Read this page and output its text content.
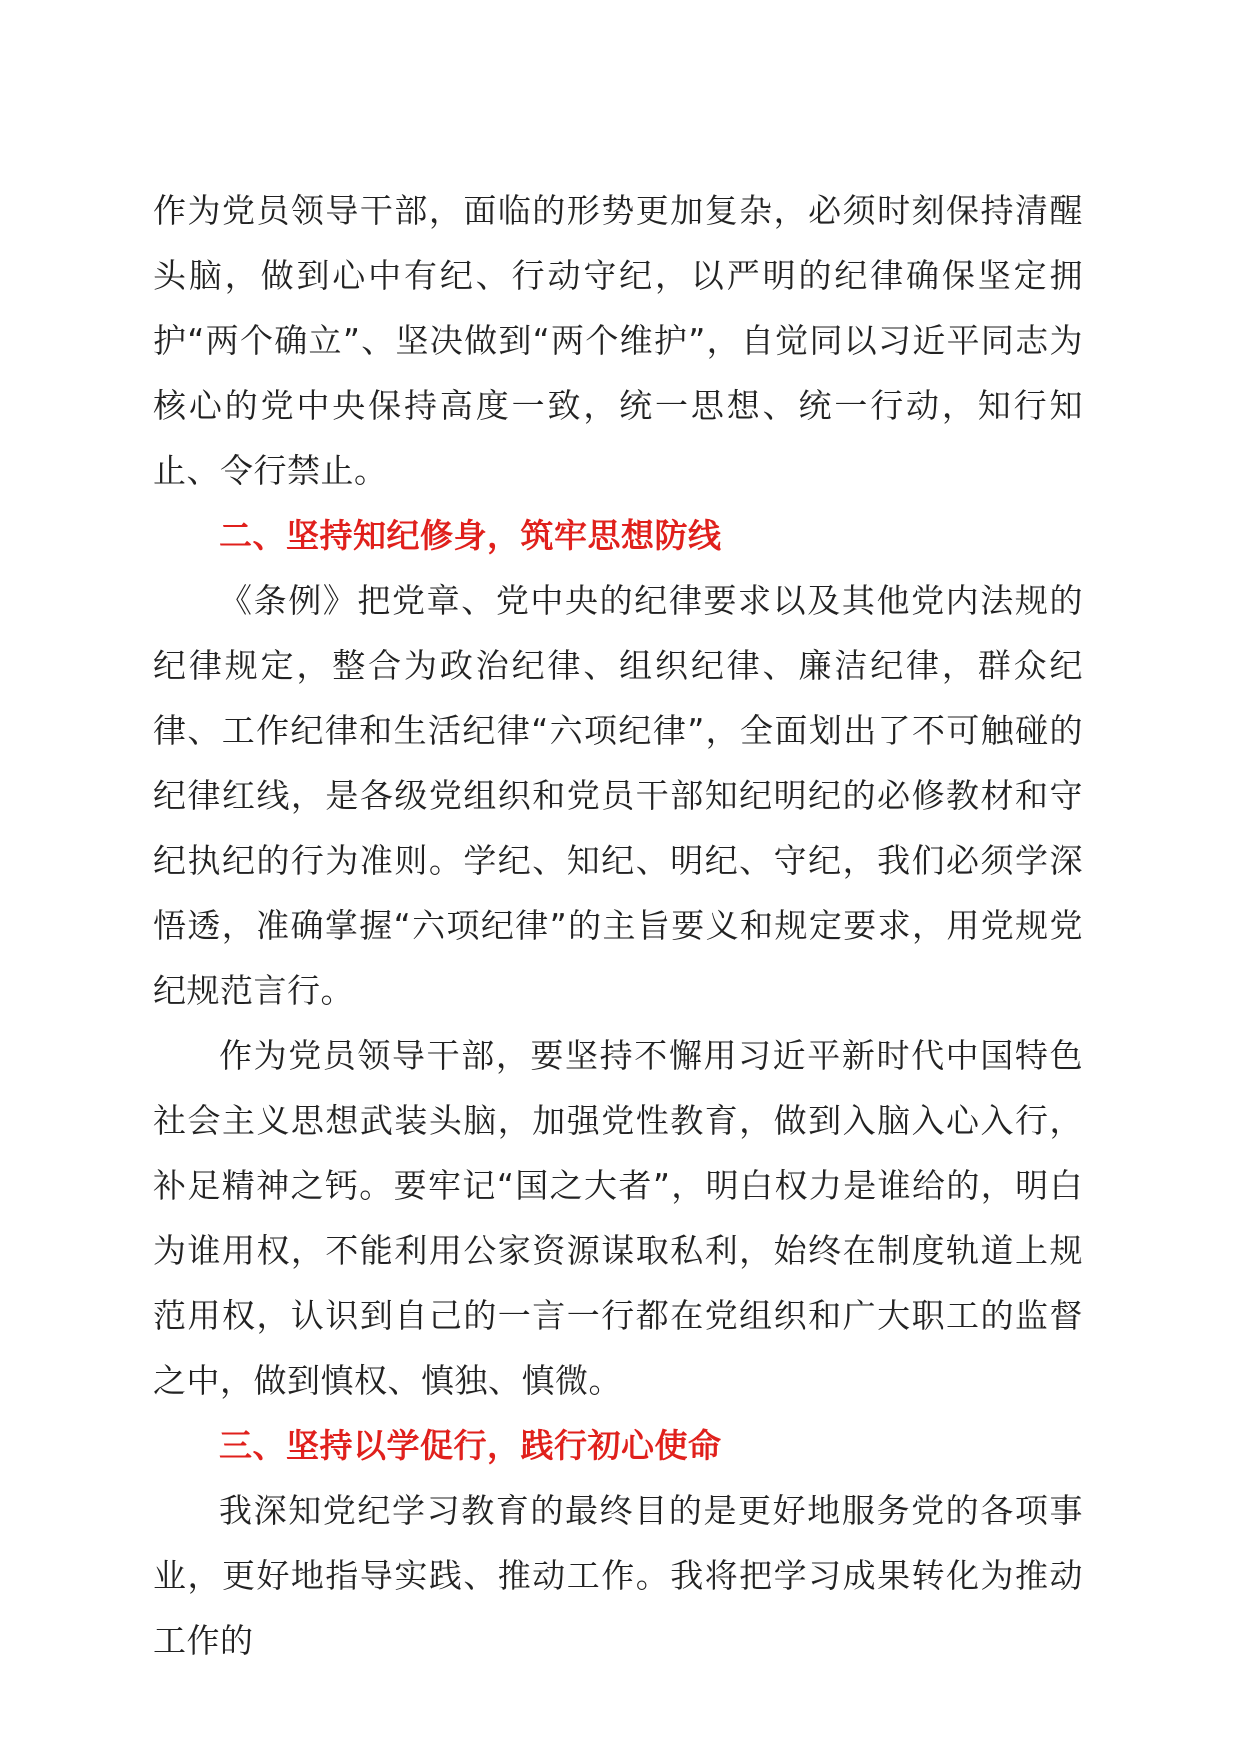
作为党员领导干部，面临的形势更加复杂，必须时刻保持清醒头脑，做到心中有纪、行动守纪，以严明的纪律确保坚定拥护“两个确立”、坚决做到“两个维护”，自觉同以习近平同志为核心的党中央保持高度一致，统一思想、统一行动，知行知止、令行禁止。

二、坚持知纪修身，筑牢思想防线

《条例》把党章、党中央的纪律要求以及其他党内法规的纪律规定，整合为政治纪律、组织纪律、廉洁纪律，群众纪律、工作纪律和生活纪律“六项纪律”，全面划出了不可触碰的纪律红线，是各级党组织和党员干部知纪明纪的必修教材和守纪执纪的行为准则。学纪、知纪、明纪、守纪，我们必须学深悟透，准确掌握“六项纪律”的主旨要义和规定要求，用党规党纪规范言行。

作为党员领导干部，要坚持不懈用习近平新时代中国特色社会主义思想武装头脑，加强党性教育，做到入脑入心入行，补足精神之钙。要牢记“国之大者”，明白权力是谁给的，明白为谁用权，不能利用公家资源谋取私利，始终在制度轨道上规范用权，认识到自己的一言一行都在党组织和广大职工的监督之中，做到慎权、慎独、慎微。

三、坚持以学促行，践行初心使命

我深知党纪学习教育的最终目的是更好地服务党的各项事业，更好地指导实践、推动工作。我将把学习成果转化为推动工作的
